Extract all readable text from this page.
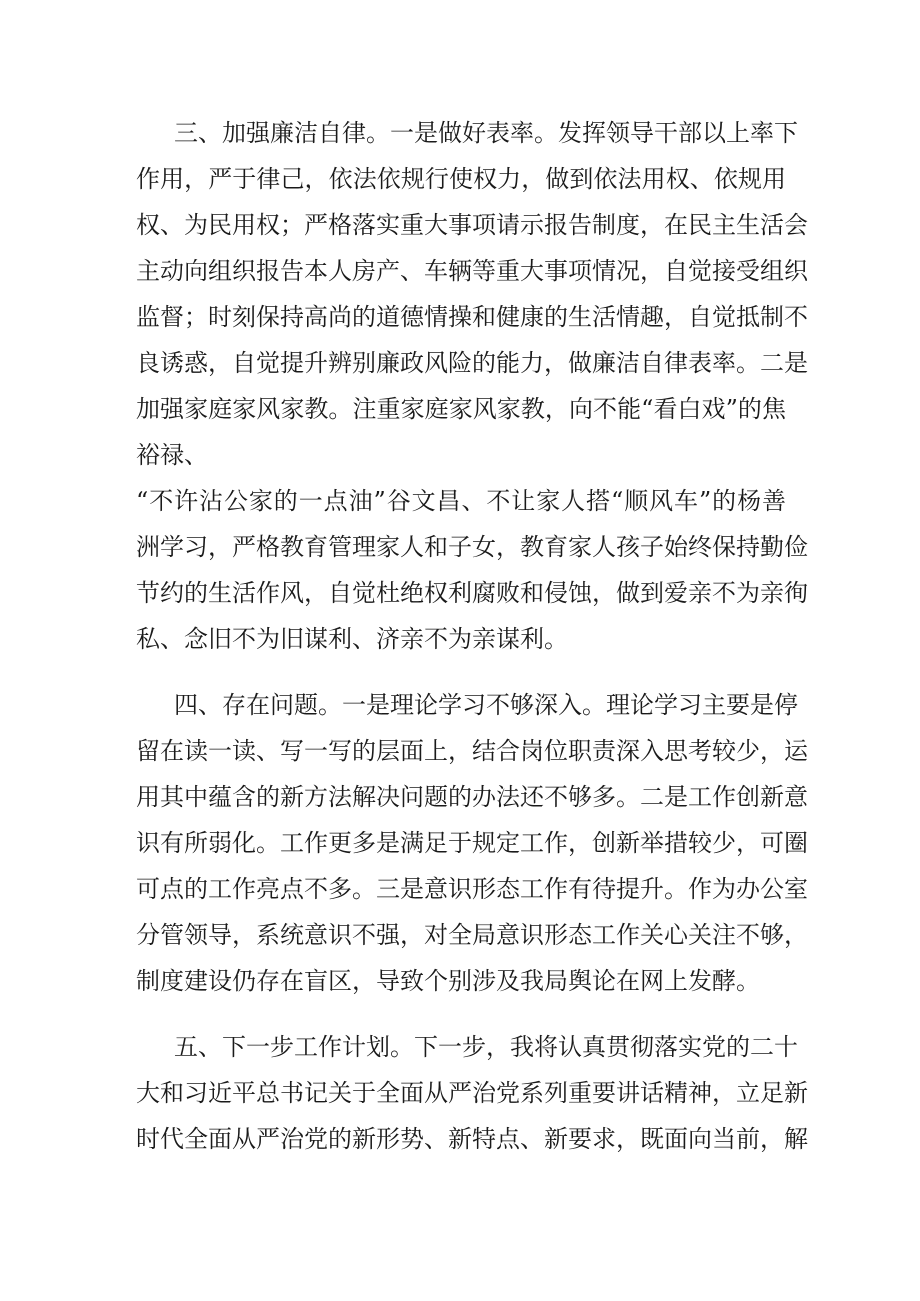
三、加强廉洁自律。一是做好表率。发挥领导干部以上率下
作用，严于律己，依法依规行使权力，做到依法用权、依规用
权、为民用权；严格落实重大事项请示报告制度，在民主生活会
主动向组织报告本人房产、车辆等重大事项情况，自觉接受组织
监督；时刻保持高尚的道德情操和健康的生活情趣，自觉抵制不
良诱惑，自觉提升辨别廉政风险的能力，做廉洁自律表率。二是
加强家庭家风家教。注重家庭家风家教，向不能“看白戏”的焦
裕禄、
“不许沾公家的一点油”谷文昌、不让家人搭“顺风车”的杨善
洲学习，严格教育管理家人和子女，教育家人孩子始终保持勤俭
节约的生活作风，自觉杜绝权利腐败和侵蚀，做到爱亲不为亲徇
私、念旧不为旧谋利、济亲不为亲谋利。
四、存在问题。一是理论学习不够深入。理论学习主要是停
留在读一读、写一写的层面上，结合岗位职责深入思考较少，运
用其中蕴含的新方法解决问题的办法还不够多。二是工作创新意
识有所弱化。工作更多是满足于规定工作，创新举措较少，可圈
可点的工作亮点不多。三是意识形态工作有待提升。作为办公室
分管领导，系统意识不强，对全局意识形态工作关心关注不够，
制度建设仍存在盲区，导致个别涉及我局舆论在网上发酵。
五、下一步工作计划。下一步，我将认真贯彻落实党的二十
大和习近平总书记关于全面从严治党系列重要讲话精神，立足新
时代全面从严治党的新形势、新特点、新要求，既面向当前，解
